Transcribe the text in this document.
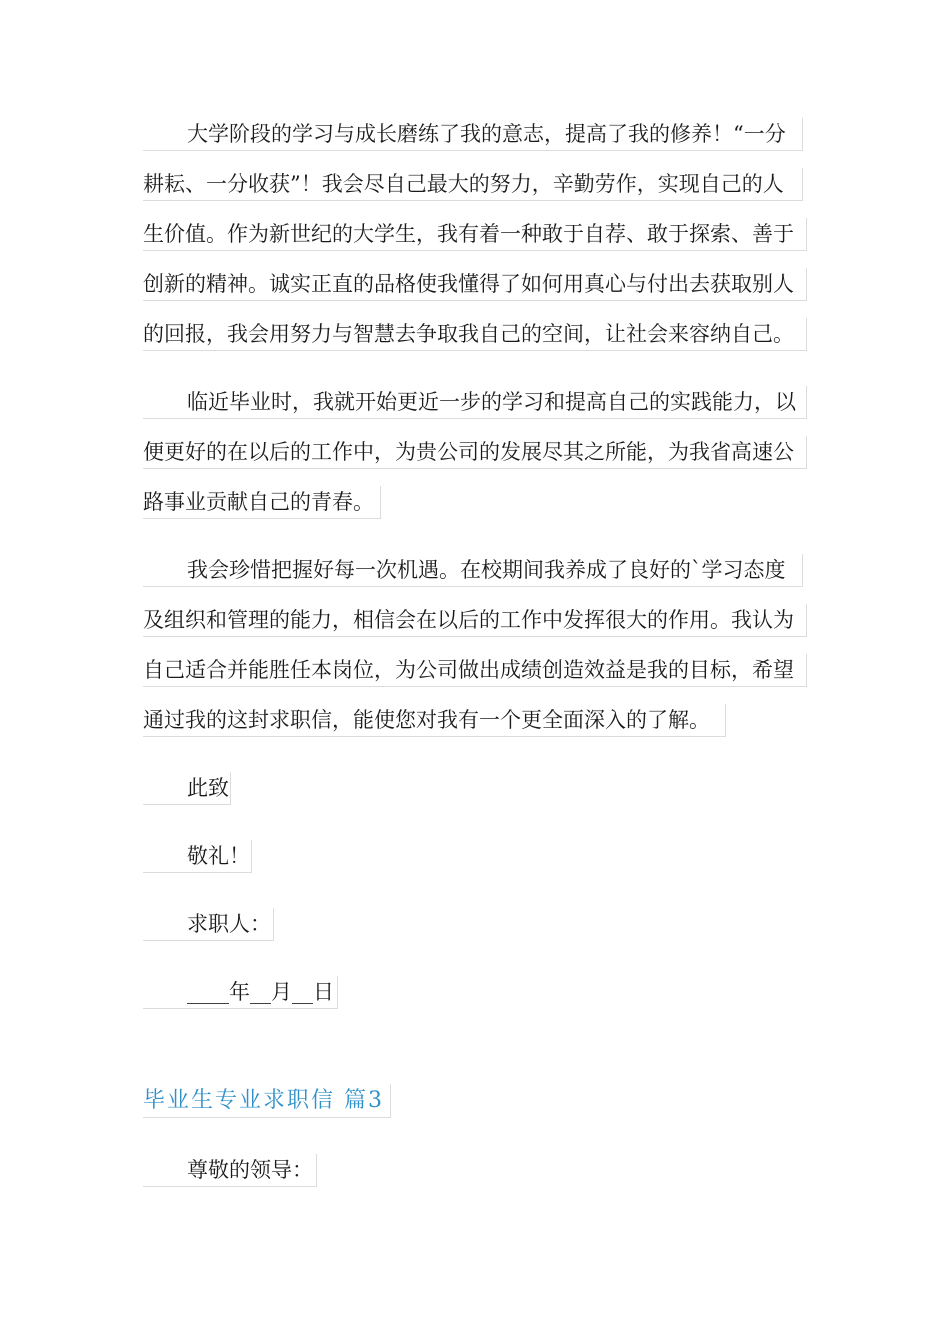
大学阶段的学习与成长磨练了我的意志，提高了我的修养！“一分
耕耘、一分收获”！我会尽自己最大的努力，辛勤劳作，实现自己的人
生价值。作为新世纪的大学生，我有着一种敢于自荐、敢于探索、善于
创新的精神。诚实正直的品格使我懂得了如何用真心与付出去获取别人
的回报，我会用努力与智慧去争取我自己的空间，让社会来容纳自己。
临近毕业时，我就开始更近一步的学习和提高自己的实践能力，以
便更好的在以后的工作中，为贵公司的发展尽其之所能，为我省高速公
路事业贡献自己的青春。
我会珍惜把握好每一次机遇。在校期间我养成了良好的`学习态度
及组织和管理的能力，相信会在以后的工作中发挥很大的作用。我认为
自己适合并能胜任本岗位，为公司做出成绩创造效益是我的目标，希望
通过我的这封求职信，能使您对我有一个更全面深入的了解。
此致
敬礼！
求职人：
____年__月__日
毕业生专业求职信 篇3
尊敬的领导：
